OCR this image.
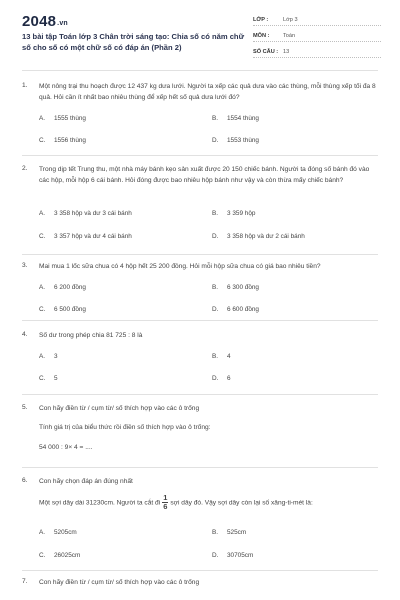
2048.vn
13 bài tập Toán lớp 3 Chân trời sáng tạo: Chia số có năm chữ số cho số có một chữ số có đáp án (Phần 2)
LỚP :	Lớp 3
MÔN :	Toán
SỐ CÂU : 13
1.	Một nông trại thu hoạch được 12 437 kg dưa lưới. Người ta xếp các quả dưa vào các thùng, mỗi thùng xếp tối đa 8 quả. Hỏi cần ít nhất bao nhiêu thùng để xếp hết số quả dưa lưới đó?
A. 1555 thùng	B. 1554 thùng
C. 1556 thùng	D. 1553 thùng
2.	Trong dịp tết Trung thu, một nhà máy bánh kẹo sản xuất được 20 150 chiếc bánh. Người ta đóng số bánh đó vào các hộp, mỗi hộp 6 cái bánh. Hỏi đóng được bao nhiêu hộp bánh như vậy và còn thừa mấy chiếc bánh?
A. 3 358 hộp và dư 3 cái bánh	B. 3 359 hộp
C. 3 357 hộp và dư 4 cái bánh	D. 3 358 hộp và dư 2 cái bánh
3.	Mai mua 1 lốc sữa chua có 4 hộp hết 25 200 đồng. Hỏi mỗi hộp sữa chua có giá bao nhiêu tiền?
A. 6 200 đồng	B. 6 300 đồng
C. 6 500 đồng	D. 6 600 đồng
4.	Số dư trong phép chia 81 725 : 8 là
A. 3	B. 4
C. 5	D. 6
5.	Con hãy điền từ / cụm từ/ số thích hợp vào các ô trống
Tính giá trị của biểu thức rồi điền số thích hợp vào ô trống:
54 000 : 9× 4 = ....
6.	Con hãy chọn đáp án đúng nhất
Một sợi dây dài 31230cm. Người ta cắt đi $\frac{1}{6}$ sợi dây đó. Vậy sợi dây còn lại số xăng-ti-mét là:
A. 5205cm	B. 525cm
C. 26025cm	D. 30705cm
7.	Con hãy điền từ / cụm từ/ số thích hợp vào các ô trống
